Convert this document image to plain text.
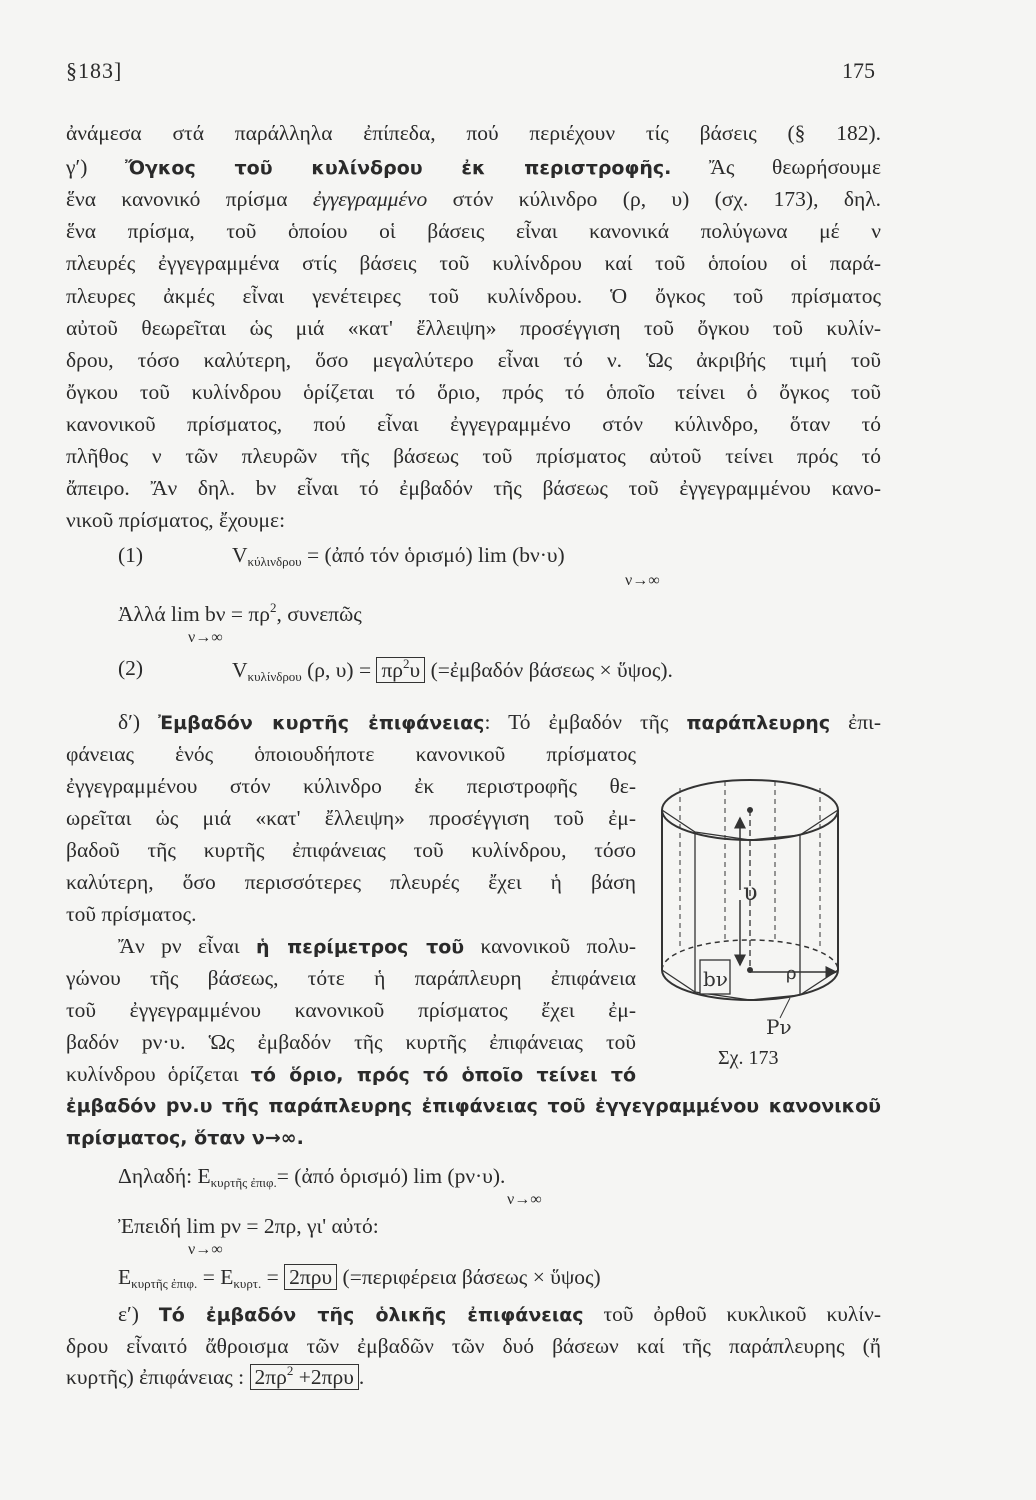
§183]	175
ἀνάμεσα στά παράλληλα ἐπίπεδα, πού περιέχουν τίς βάσεις (§ 182).
γ′) Ὄγκος τοῦ κυλίνδρου ἐκ περιστροφῆς. Ἄς θεωρήσουμε
ἕνα κανονικό πρίσμα ἐγγεγραμμένο στόν κύλινδρο (ρ, υ) (σχ. 173), δηλ.
ἕνα πρίσμα, τοῦ ὁποίου οἱ βάσεις εἶναι κανονικά πολύγωνα μέ ν
πλευρές ἐγγεγραμμένα στίς βάσεις τοῦ κυλίνδρου καί τοῦ ὁποίου οἱ παρά-
πλευρες ἀκμές εἶναι γενέτειρες τοῦ κυλίνδρου. Ὁ ὄγκος τοῦ πρίσματος
αὐτοῦ θεωρεῖται ὡς μιά «κατ' ἔλλειψη» προσέγγιση τοῦ ὄγκου τοῦ κυλίν-
δρου, τόσο καλύτερη, ὅσο μεγαλύτερο εἶναι τό ν. Ὡς ἀκριβής τιμή τοῦ
ὄγκου τοῦ κυλίνδρου ὁρίζεται τό ὅριο, πρός τό ὁποῖο τείνει ὁ ὄγκος τοῦ
κανονικοῦ πρίσματος, πού εἶναι ἐγγεγραμμένο στόν κύλινδρο, ὅταν τό
πλῆθος ν τῶν πλευρῶν τῆς βάσεως τοῦ πρίσματος αὐτοῦ τείνει πρός τό
ἄπειρο. Ἄν δηλ. bν εἶναι τό ἐμβαδόν τῆς βάσεως τοῦ ἐγγεγραμμένου κανο-
νικοῦ πρίσματος, ἔχουμε:
(1)	$V_{\kappa ύ\lambda\iota\nu\delta\rho o\upsilon}$ = (ἀπό τόν ὁρισμό) lim (bν·υ)
ν→∞
Ἀλλά $\lim b\nu = \pi\rho^2$, συνεπῶς
ν→∞
(2)	$V_{\kappa\upsilon\lambda ί\nu\delta\rho o\upsilon}$ (ρ, $\upsilon) = \pi\rho^2\upsilon$ (=ἐμβαδόν βάσεως × ὕψος).
δ′) Ἐμβαδόν κυρτῆς ἐπιφάνειας: Τό ἐμβαδόν τῆς παράπλευρης ἐπι-
φάνειας ἑνός ὁποιουδήποτε κανονικοῦ πρίσματος
ἐγγεγραμμένου στόν κύλινδρο ἐκ περιστροφῆς θε-
ωρεῖται ὡς μιά «κατ' ἔλλειψη» προσέγγιση τοῦ ἐμ-
βαδοῦ τῆς κυρτῆς ἐπιφάνειας τοῦ κυλίνδρου, τόσο
καλύτερη, ὅσο περισσότερες πλευρές ἔχει ἡ βάση
τοῦ πρίσματος.
Ἄν pν εἶναι ἡ περίμετρος τοῦ κανονικοῦ πολυ-
γώνου τῆς βάσεως, τότε ἡ παράπλευρη ἐπιφάνεια
τοῦ ἐγγεγραμμένου κανονικοῦ πρίσματος ἔχει ἐμ-
βαδόν pν·υ. Ὡς ἐμβαδόν τῆς κυρτῆς ἐπιφάνειας τοῦ
κυλίνδρου ὁρίζεται τό ὅριο, πρός τό ὁποῖο τείνει τό
ἐμβαδόν pν.υ τῆς παράπλευρης ἐπιφάνειας τοῦ ἐγγεγραμμένου κανονικοῦ
πρίσματος, ὅταν ν→∞.
Δηλαδή: $E_{\kappa\upsilon\rho\tau ῆ\varsigma ἐ\pi\iota\varphi.}=$ (ἀπό ὁρισμό) lim (pν·υ).
ν→∞
Ἐπειδή lim pν = 2πρ, γι' αὐτό:
ν→∞
$E_{\kappa\upsilon\rho\tau ῆ\varsigma ἐ\pi\iota\varphi.} = E_{\kappa\upsilon\rho\tau.} = 2\pi\rho\upsilon$ (=περιφέρεια βάσεως × ὕψος)
ε′) Τό ἐμβαδόν τῆς ὁλικῆς ἐπιφάνειας τοῦ ὀρθοῦ κυκλικοῦ κυλίν-
δρου εἶναιτό ἄθροισμα τῶν ἐμβαδῶν τῶν δυό βάσεων καί τῆς παράπλευρης (ἤ
κυρτῆς) ἐπιφάνειας : $2\pi\rho^2 +2\pi\rho\upsilon$ .
bν
υ
ρ
Pν
Σχ. 173
